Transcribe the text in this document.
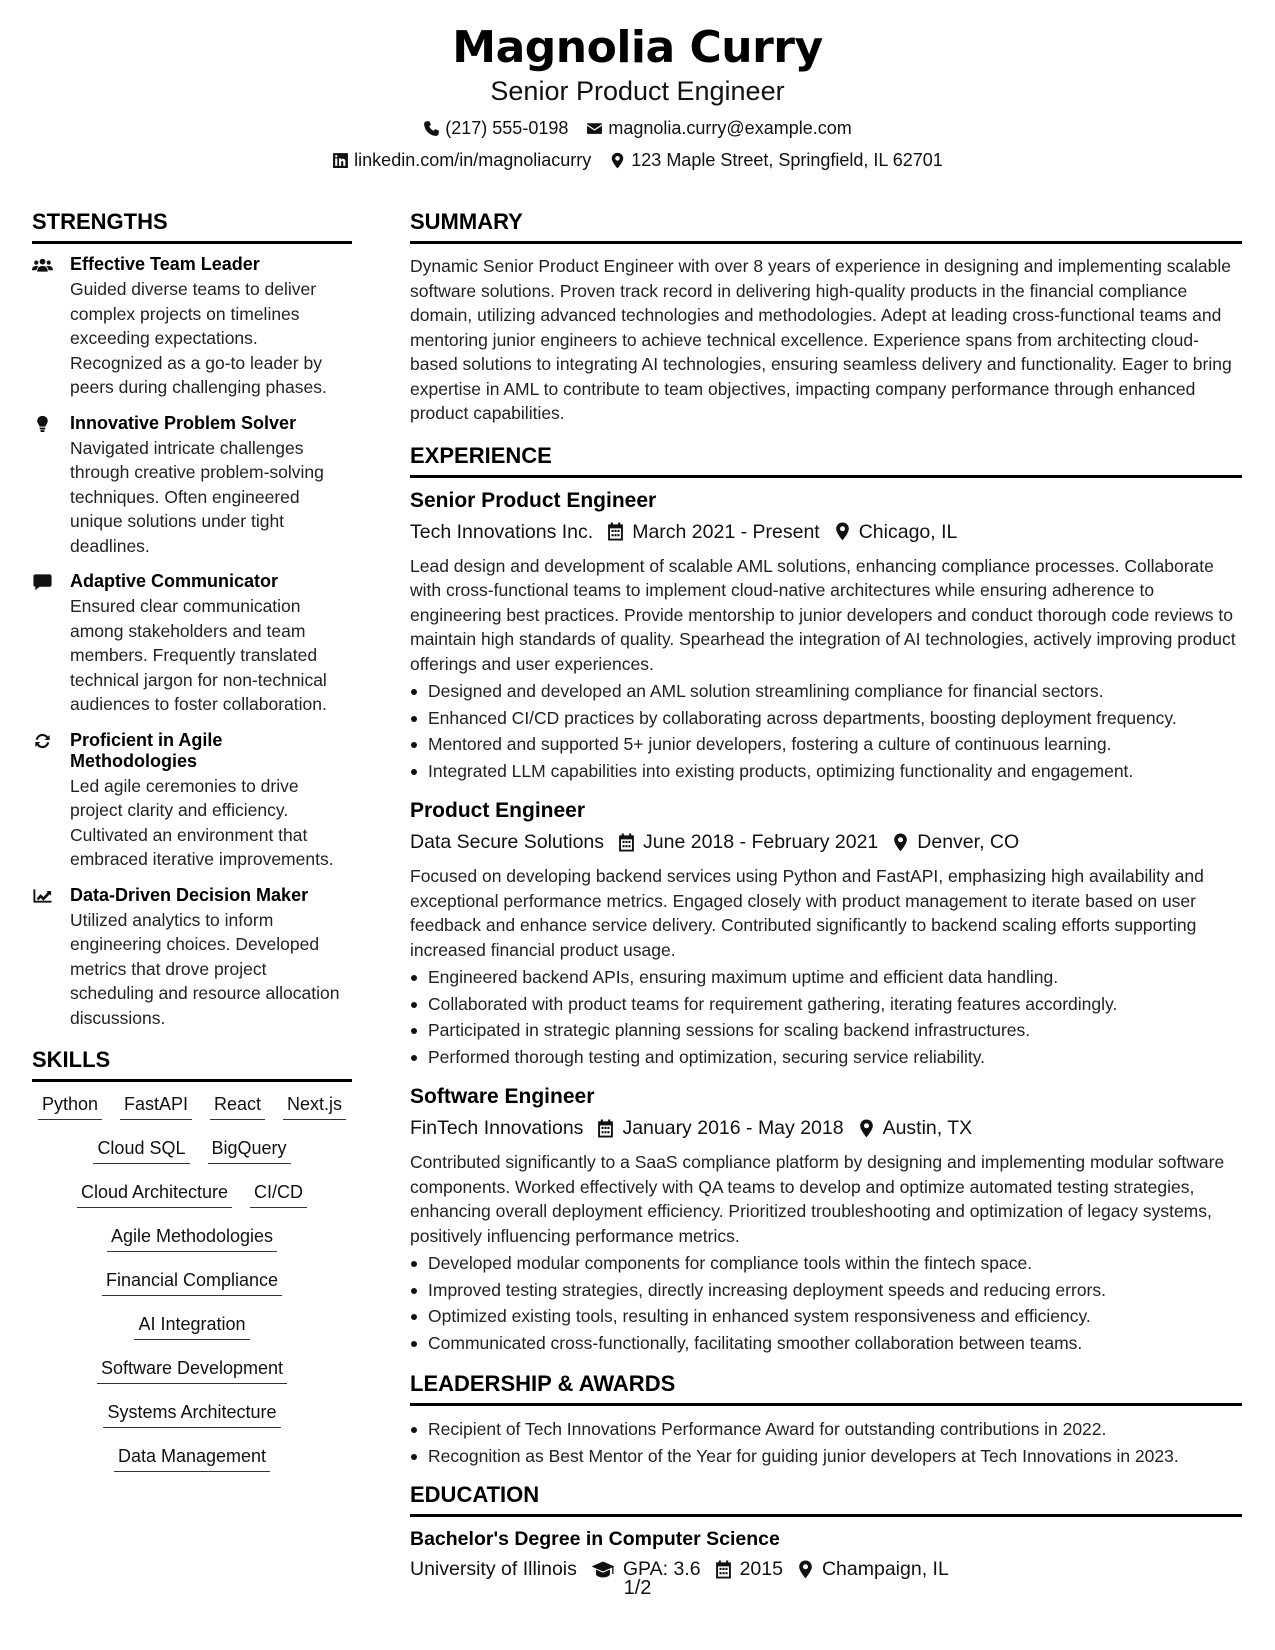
Magnolia Curry
Senior Product Engineer
(217) 555-0198 magnolia.curry@example.com
linkedin.com/in/magnoliacurry 123 Maple Street, Springfield, IL 62701
STRENGTHS
Effective Team Leader
Guided diverse teams to deliver complex projects on timelines exceeding expectations. Recognized as a go-to leader by peers during challenging phases.
Innovative Problem Solver
Navigated intricate challenges through creative problem-solving techniques. Often engineered unique solutions under tight deadlines.
Adaptive Communicator
Ensured clear communication among stakeholders and team members. Frequently translated technical jargon for non-technical audiences to foster collaboration.
Proficient in Agile Methodologies
Led agile ceremonies to drive project clarity and efficiency. Cultivated an environment that embraced iterative improvements.
Data-Driven Decision Maker
Utilized analytics to inform engineering choices. Developed metrics that drove project scheduling and resource allocation discussions.
SKILLS
Python FastAPI React Next.js
Cloud SQL BigQuery
Cloud Architecture CI/CD
Agile Methodologies
Financial Compliance
AI Integration
Software Development
Systems Architecture
Data Management
SUMMARY
Dynamic Senior Product Engineer with over 8 years of experience in designing and implementing scalable software solutions. Proven track record in delivering high-quality products in the financial compliance domain, utilizing advanced technologies and methodologies. Adept at leading cross-functional teams and mentoring junior engineers to achieve technical excellence. Experience spans from architecting cloud-based solutions to integrating AI technologies, ensuring seamless delivery and functionality. Eager to bring expertise in AML to contribute to team objectives, impacting company performance through enhanced product capabilities.
EXPERIENCE
Senior Product Engineer
Tech Innovations Inc. March 2021 - Present Chicago, IL
Lead design and development of scalable AML solutions, enhancing compliance processes. Collaborate with cross-functional teams to implement cloud-native architectures while ensuring adherence to engineering best practices. Provide mentorship to junior developers and conduct thorough code reviews to maintain high standards of quality. Spearhead the integration of AI technologies, actively improving product offerings and user experiences.
Designed and developed an AML solution streamlining compliance for financial sectors.
Enhanced CI/CD practices by collaborating across departments, boosting deployment frequency.
Mentored and supported 5+ junior developers, fostering a culture of continuous learning.
Integrated LLM capabilities into existing products, optimizing functionality and engagement.
Product Engineer
Data Secure Solutions June 2018 - February 2021 Denver, CO
Focused on developing backend services using Python and FastAPI, emphasizing high availability and exceptional performance metrics. Engaged closely with product management to iterate based on user feedback and enhance service delivery. Contributed significantly to backend scaling efforts supporting increased financial product usage.
Engineered backend APIs, ensuring maximum uptime and efficient data handling.
Collaborated with product teams for requirement gathering, iterating features accordingly.
Participated in strategic planning sessions for scaling backend infrastructures.
Performed thorough testing and optimization, securing service reliability.
Software Engineer
FinTech Innovations January 2016 - May 2018 Austin, TX
Contributed significantly to a SaaS compliance platform by designing and implementing modular software components. Worked effectively with QA teams to develop and optimize automated testing strategies, enhancing overall deployment efficiency. Prioritized troubleshooting and optimization of legacy systems, positively influencing performance metrics.
Developed modular components for compliance tools within the fintech space.
Improved testing strategies, directly increasing deployment speeds and reducing errors.
Optimized existing tools, resulting in enhanced system responsiveness and efficiency.
Communicated cross-functionally, facilitating smoother collaboration between teams.
LEADERSHIP & AWARDS
Recipient of Tech Innovations Performance Award for outstanding contributions in 2022.
Recognition as Best Mentor of the Year for guiding junior developers at Tech Innovations in 2023.
EDUCATION
Bachelor's Degree in Computer Science
University of Illinois GPA: 3.6 2015 Champaign, IL
1/2
